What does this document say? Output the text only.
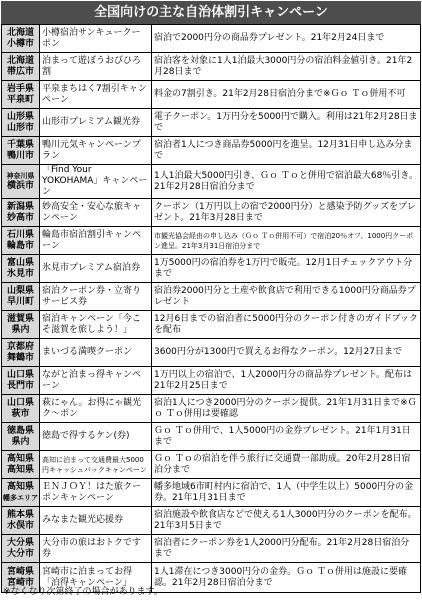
全国向けの主な自治体割引キャンペーン
北海道
小樽市	小樽宿泊サンキュークーポン	宿泊で2000円分の商品券プレゼント。21年2月24日まで

北海道
帯広市	泊まって遊ぼうおびひろ割	宿泊客を対象に1人1泊最大3000円分の宿泊料金値引き。21年2月28日まで

岩手県
平泉町	平泉まちはく7割引キャンペーン	料金の7割引き。21年2月28日宿泊分まで※Ｇｏ Ｔｏ併用不可

山形県
山形市	山形市プレミアム観光券	電子クーポン。1万円分を5000円で購入。利用は21年2月28日まで

千葉県
鴨川市	鴨川元気キャンペーンプラン	宿泊者1人につき商品券5000円を進呈。12月31日申し込み分まで

神奈川県
横浜市	「Find Your YOKOHAMA」キャンペーン	1人1泊最大5000円引き、Ｇｏ Ｔｏと併用で宿泊最大68％引き。21年2月28日宿泊分まで

新潟県
妙高市	妙高安全・安心な旅キャンペーン	クーポン（1万円以上の宿で2000円分）と感染予防グッズをプレゼント。21年3月28日まで

石川県
輪島市	輪島市宿泊割引キャンペーン	市観光協会経由の申し込み（Ｇｏ Ｔｏ併用不可）で宿泊20％オフ、1000円クーポン進呈。21年3月31日宿泊分まで

富山県
氷見市	氷見市プレミアム宿泊券	1万5000円の宿泊券を1万円で販売。12月1日チェックアウト分まで

山梨県
早川町	宿泊クーポン券・立寄りサービス券	宿泊券2000円分と土産や飲食店で利用できる1000円分商品券プレゼント

滋賀県
県内	宿泊キャンペーン「今こそ滋賀を旅しよう！」	12月6日までの宿泊者に5000円分のクーポン付きのガイドブックを配布

京都府
舞鶴市	まいづる満喫クーポン	3600円分が1300円で買えるお得なクーポン。12月27日まで

山口県
長門市	ながと泊まっ得キャンペーン	1万円以上の宿泊で、1人2000円分の商品券プレゼント。配布は21年2月25日まで

山口県
萩市	萩にゃん。お得にゃ観光ク～ポン	宿泊1人につき2000円分のクーポン提供。21年1月31日まで※Ｇｏ Ｔｏ併用は要確認

徳島県
県内	徳島で得するケン(券)	Ｇｏ Ｔｏ併用で、1人5000円の金券プレゼント。21年1月31日まで

高知県
高知県	高知に泊まって交通費最大5000円キャッシュバックキャンペーン	Ｇｏ Ｔｏの宿泊を伴う旅行に交通費一部助成。20年2月28日宿泊分まで

高知県
幡多エリア	ＥＮＪＯＹ！はた旅クーポンキャンペーン	幡多地域6市町村内に宿泊で、1人（中学生以上）5000円分の金券。21年1月31日まで

熊本県
水俣市	みなまた観光応援券	宿泊施設や飲食店などで使える1人3000円分のクーポンを配布。21年3月5日まで

大分県
大分市	大分市の旅はおトクです券	宿泊者にクーポン券を1人2000円分配布。21年2月28日宿泊分まで

宮崎県
宮崎市	宮崎市に泊まってお得「泊得キャンペーン」	1人1滞在につき3000円分の金券。Ｇｏ Ｔｏ併用は施設に要確認。21年2月28日宿泊分まで
※なくなり次第終了の場合があります。
